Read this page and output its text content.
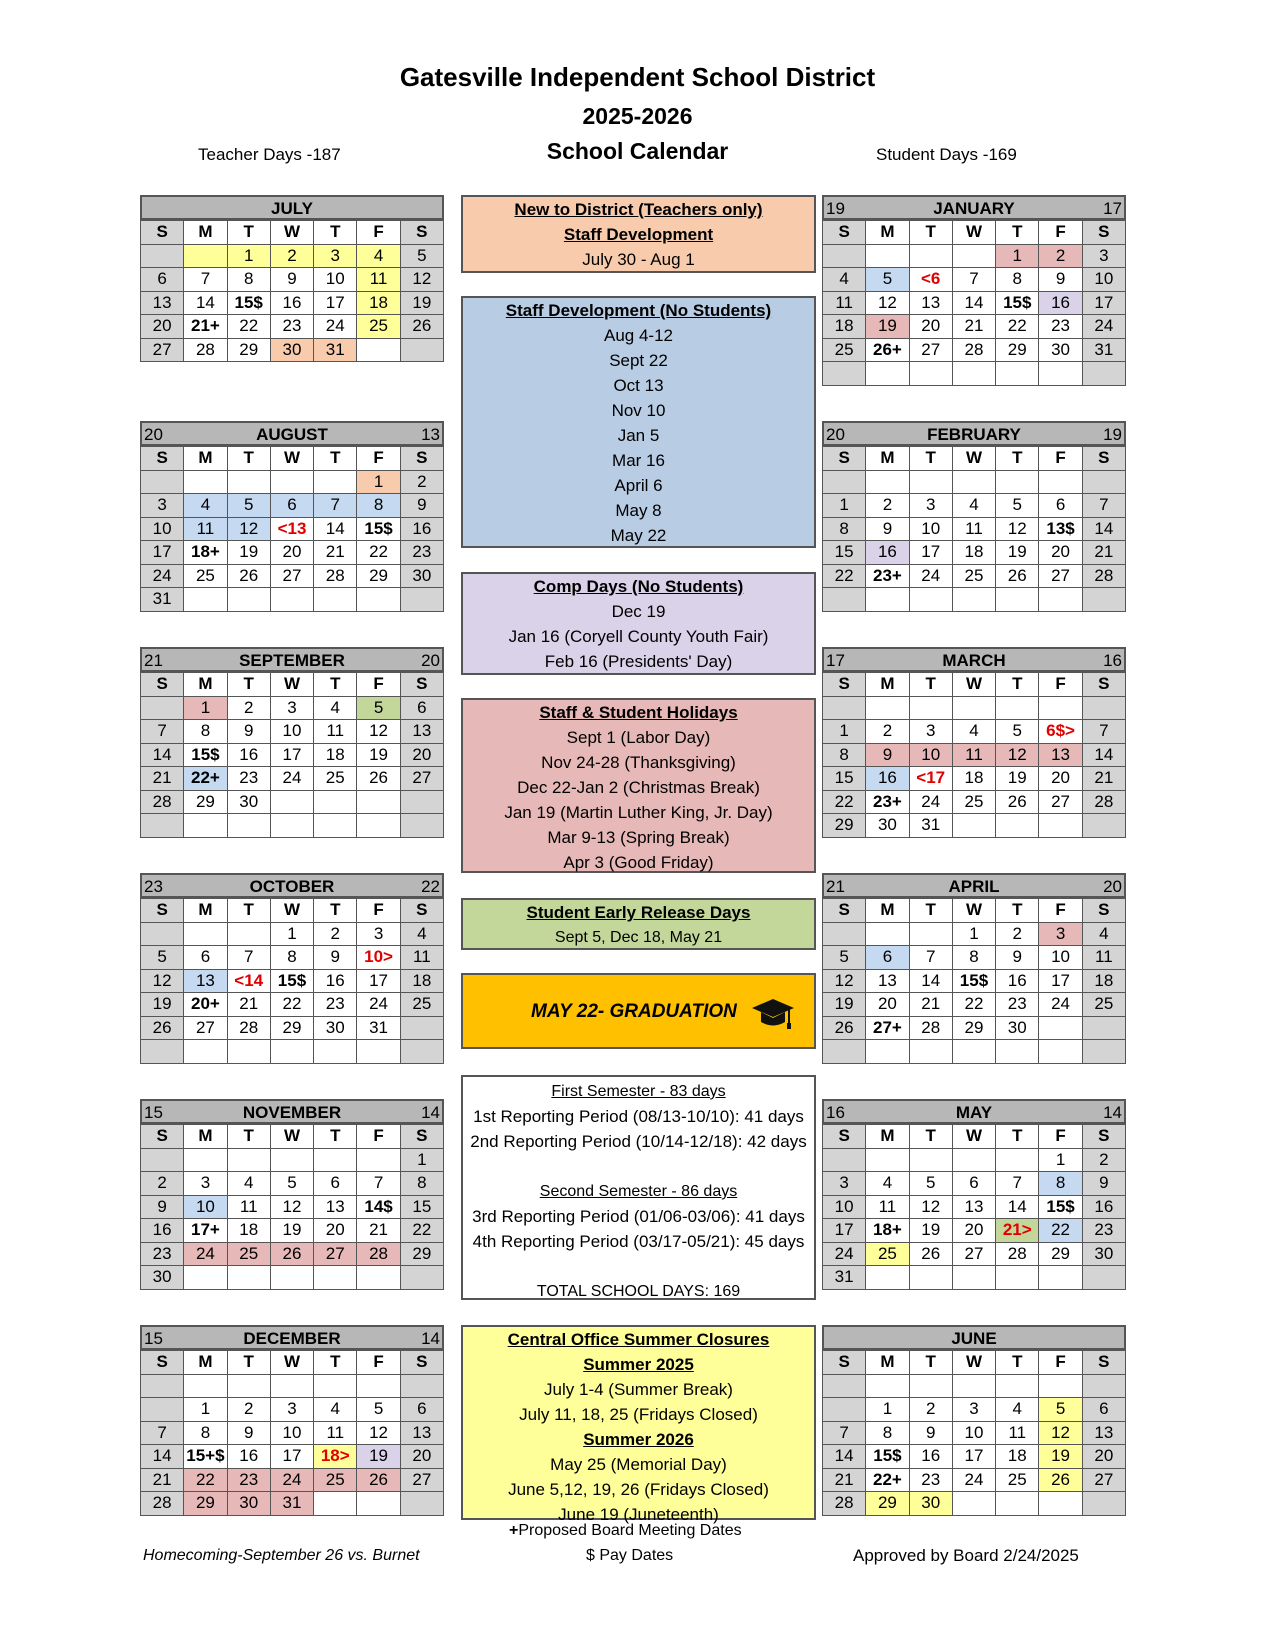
Gatesville Independent School District
2025-2026
School Calendar
Teacher Days -187	Student Days -169
JULY
S	M	T	W	T	F	S
		1	2	3	4	5
6	7	8	9	10	11	12
13	14	15$	16	17	18	19
20	21+	22	23	24	25	26
27	28	29	30	31		
AUGUST
20	13
S	M	T	W	T	F	S
					1	2
3	4	5	6	7	8	9
10	11	12	<13	14	15$	16
17	18+	19	20	21	22	23
24	25	26	27	28	29	30
31						
SEPTEMBER
21	20
S	M	T	W	T	F	S
	1	2	3	4	5	6
7	8	9	10	11	12	13
14	15$	16	17	18	19	20
21	22+	23	24	25	26	27
28	29	30				

OCTOBER
23	22
S	M	T	W	T	F	S
			1	2	3	4
5	6	7	8	9	10>	11
12	13	<14	15$	16	17	18
19	20+	21	22	23	24	25
26	27	28	29	30	31	

NOVEMBER
15	14
S	M	T	W	T	F	S
						1
2	3	4	5	6	7	8
9	10	11	12	13	14$	15
16	17+	18	19	20	21	22
23	24	25	26	27	28	29
30						
DECEMBER
15	14
S	M	T	W	T	F	S

	1	2	3	4	5	6
7	8	9	10	11	12	13
14	15+$	16	17	18>	19	20
21	22	23	24	25	26	27
28	29	30	31			
JANUARY
19	17
S	M	T	W	T	F	S
				1	2	3
4	5	<6	7	8	9	10
11	12	13	14	15$	16	17
18	19	20	21	22	23	24
25	26+	27	28	29	30	31

FEBRUARY
20	19
S	M	T	W	T	F	S

1	2	3	4	5	6	7
8	9	10	11	12	13$	14
15	16	17	18	19	20	21
22	23+	24	25	26	27	28

MARCH
17	16
S	M	T	W	T	F	S

1	2	3	4	5	6$>	7
8	9	10	11	12	13	14
15	16	<17	18	19	20	21
22	23+	24	25	26	27	28
29	30	31				
APRIL
21	20
S	M	T	W	T	F	S
			1	2	3	4
5	6	7	8	9	10	11
12	13	14	15$	16	17	18
19	20	21	22	23	24	25
26	27+	28	29	30		

MAY
16	14
S	M	T	W	T	F	S
					1	2
3	4	5	6	7	8	9
10	11	12	13	14	15$	16
17	18+	19	20	21>	22	23
24	25	26	27	28	29	30
31						
JUNE
S	M	T	W	T	F	S

	1	2	3	4	5	6
7	8	9	10	11	12	13
14	15$	16	17	18	19	20
21	22+	23	24	25	26	27
28	29	30				
New to District (Teachers only)
Staff Development
July 30 - Aug 1
Staff Development (No Students)
Aug 4-12
Sept 22
Oct 13
Nov 10
Jan 5
Mar 16
April 6
May 8
May 22
Comp Days (No Students)
Dec 19
Jan 16 (Coryell County Youth Fair)
Feb 16 (Presidents' Day)
Staff & Student Holidays
Sept 1 (Labor Day)
Nov 24-28 (Thanksgiving)
Dec 22-Jan 2 (Christmas Break)
Jan 19 (Martin Luther King, Jr. Day)
Mar 9-13 (Spring Break)
Apr 3 (Good Friday)
Student Early Release Days
Sept 5, Dec 18, May 21
MAY 22- GRADUATION
First Semester - 83 days
1st Reporting Period (08/13-10/10): 41 days
2nd Reporting Period (10/14-12/18): 42 days
Second Semester - 86 days
3rd Reporting Period (01/06-03/06): 41 days
4th Reporting Period (03/17-05/21): 45 days
TOTAL SCHOOL DAYS: 169
Central Office Summer Closures
Summer 2025
July 1-4 (Summer Break)
July 11, 18, 25 (Fridays Closed)
Summer 2026
May 25 (Memorial Day)
June 5,12, 19, 26 (Fridays Closed)
June 19 (Juneteenth)
+Proposed Board Meeting Dates
Homecoming-September 26 vs. Burnet	$ Pay Dates	Approved by Board 2/24/2025
